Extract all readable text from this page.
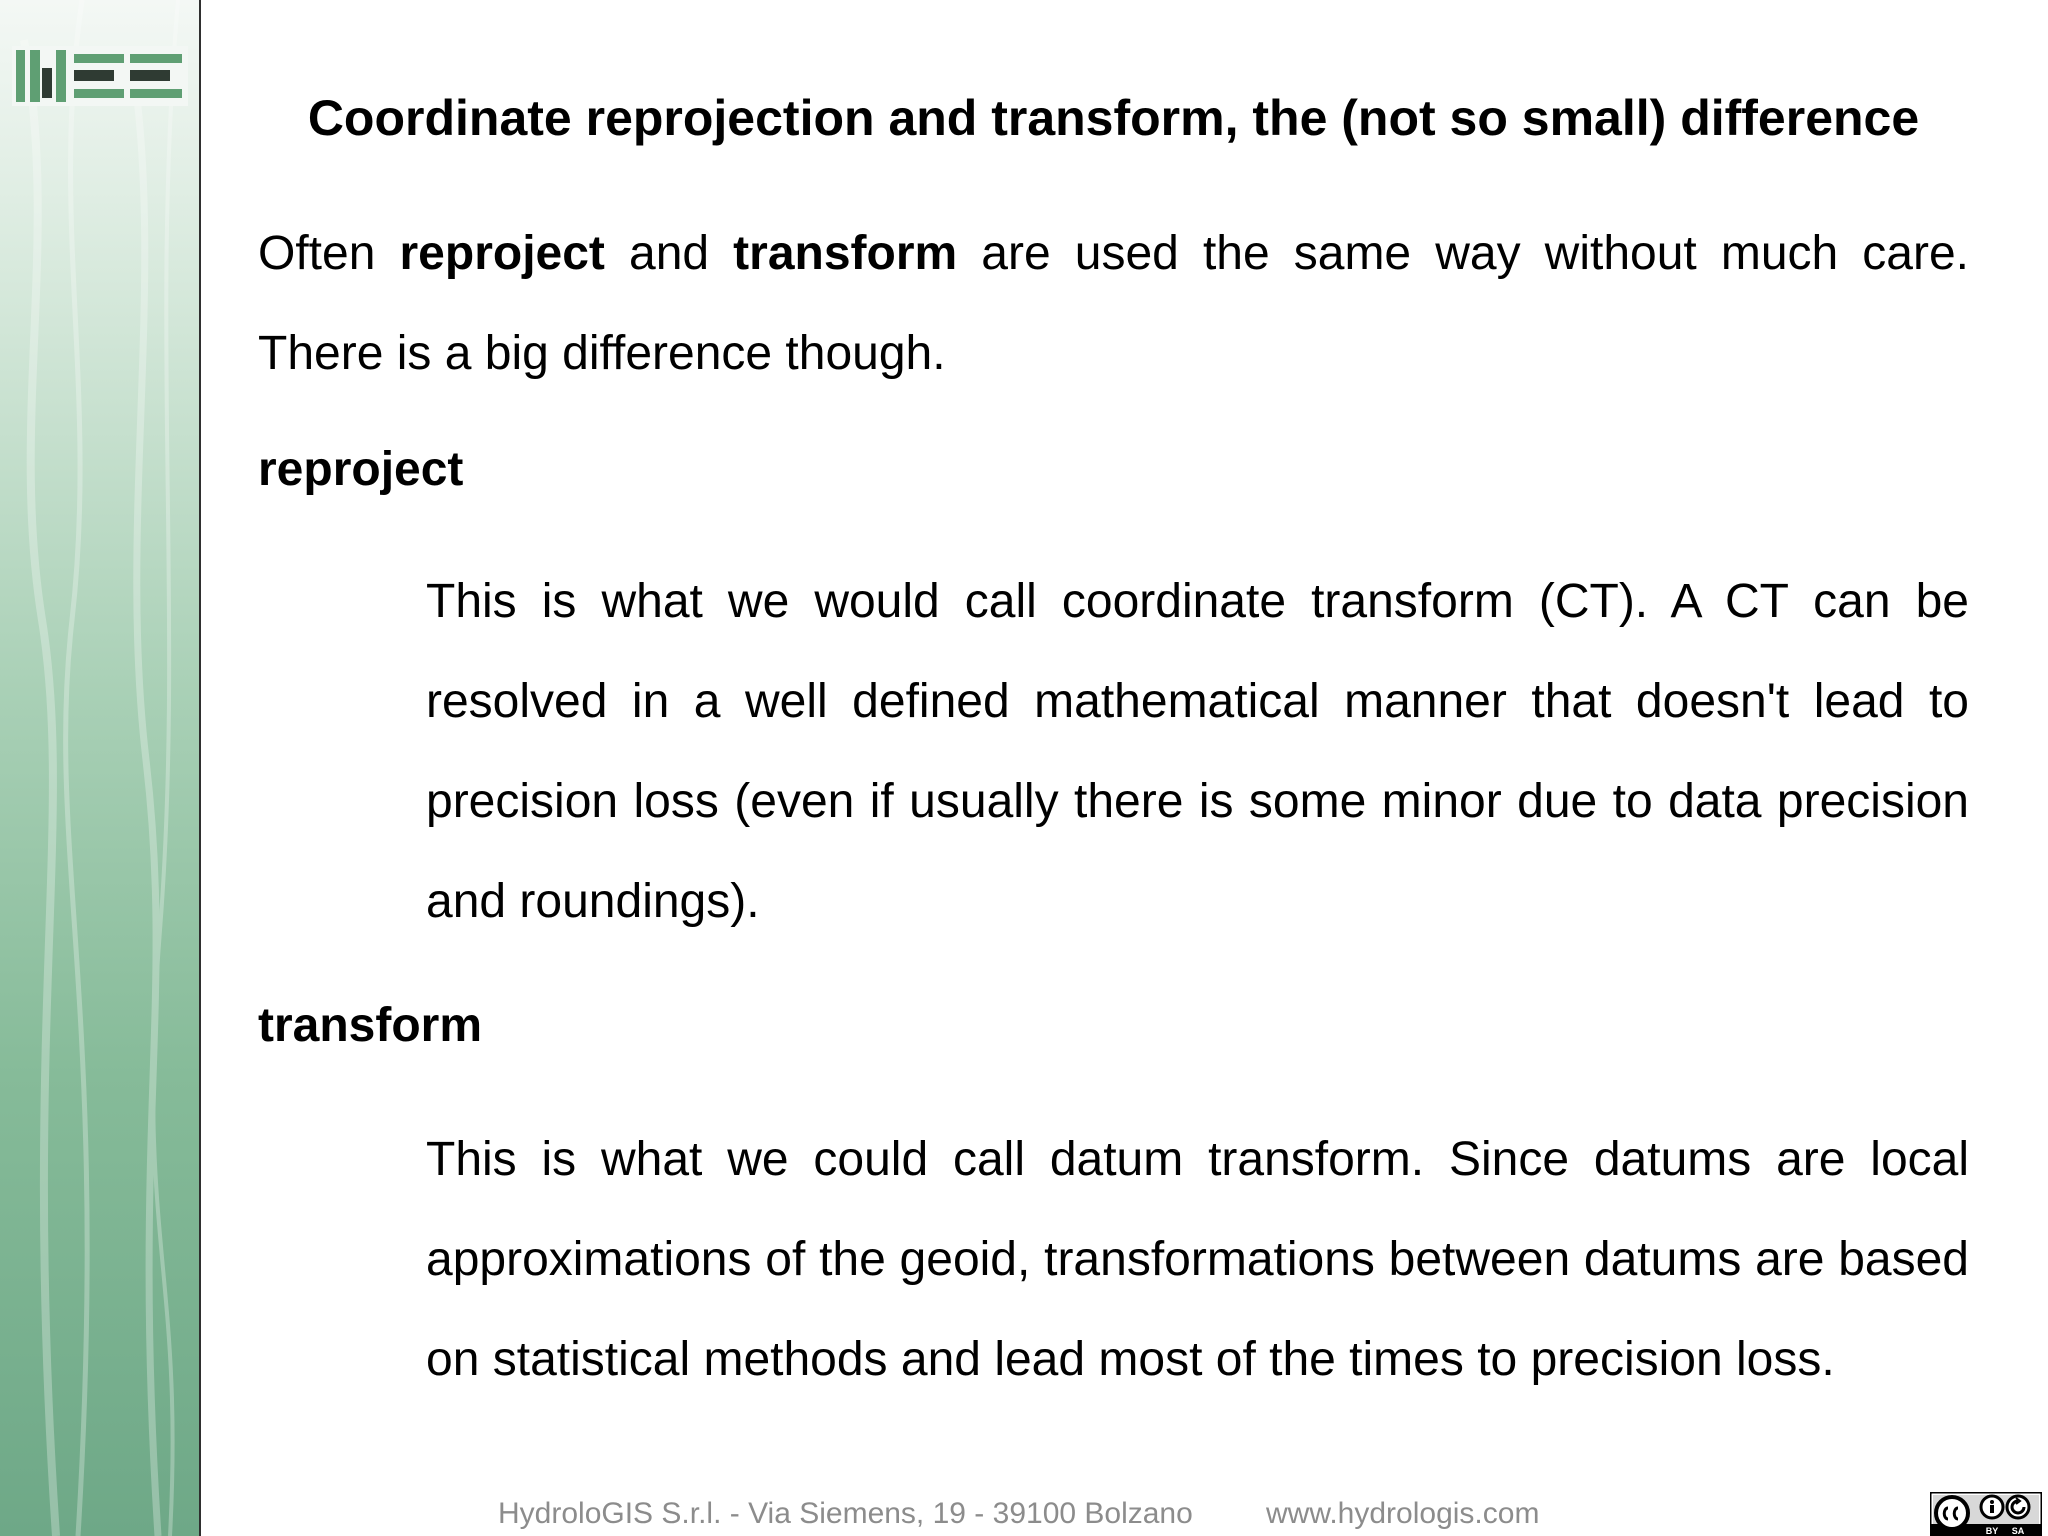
Coordinate reprojection and transform, the (not so small) difference

Often reproject and transform are used the same way without much care. There is a big difference though.

reproject

This is what we would call coordinate transform (CT). A CT can be resolved in a well defined mathematical manner that doesn't lead to precision loss (even if usually there is some minor due to data precision and roundings).

transform

This is what we could call datum transform. Since datums are local approximations of the geoid, transformations between datums are based on statistical methods and lead most of the times to precision loss.

HydroloGIS S.r.l. - Via Siemens, 19 - 39100 Bolzano www.hydrologis.com
BY SA
